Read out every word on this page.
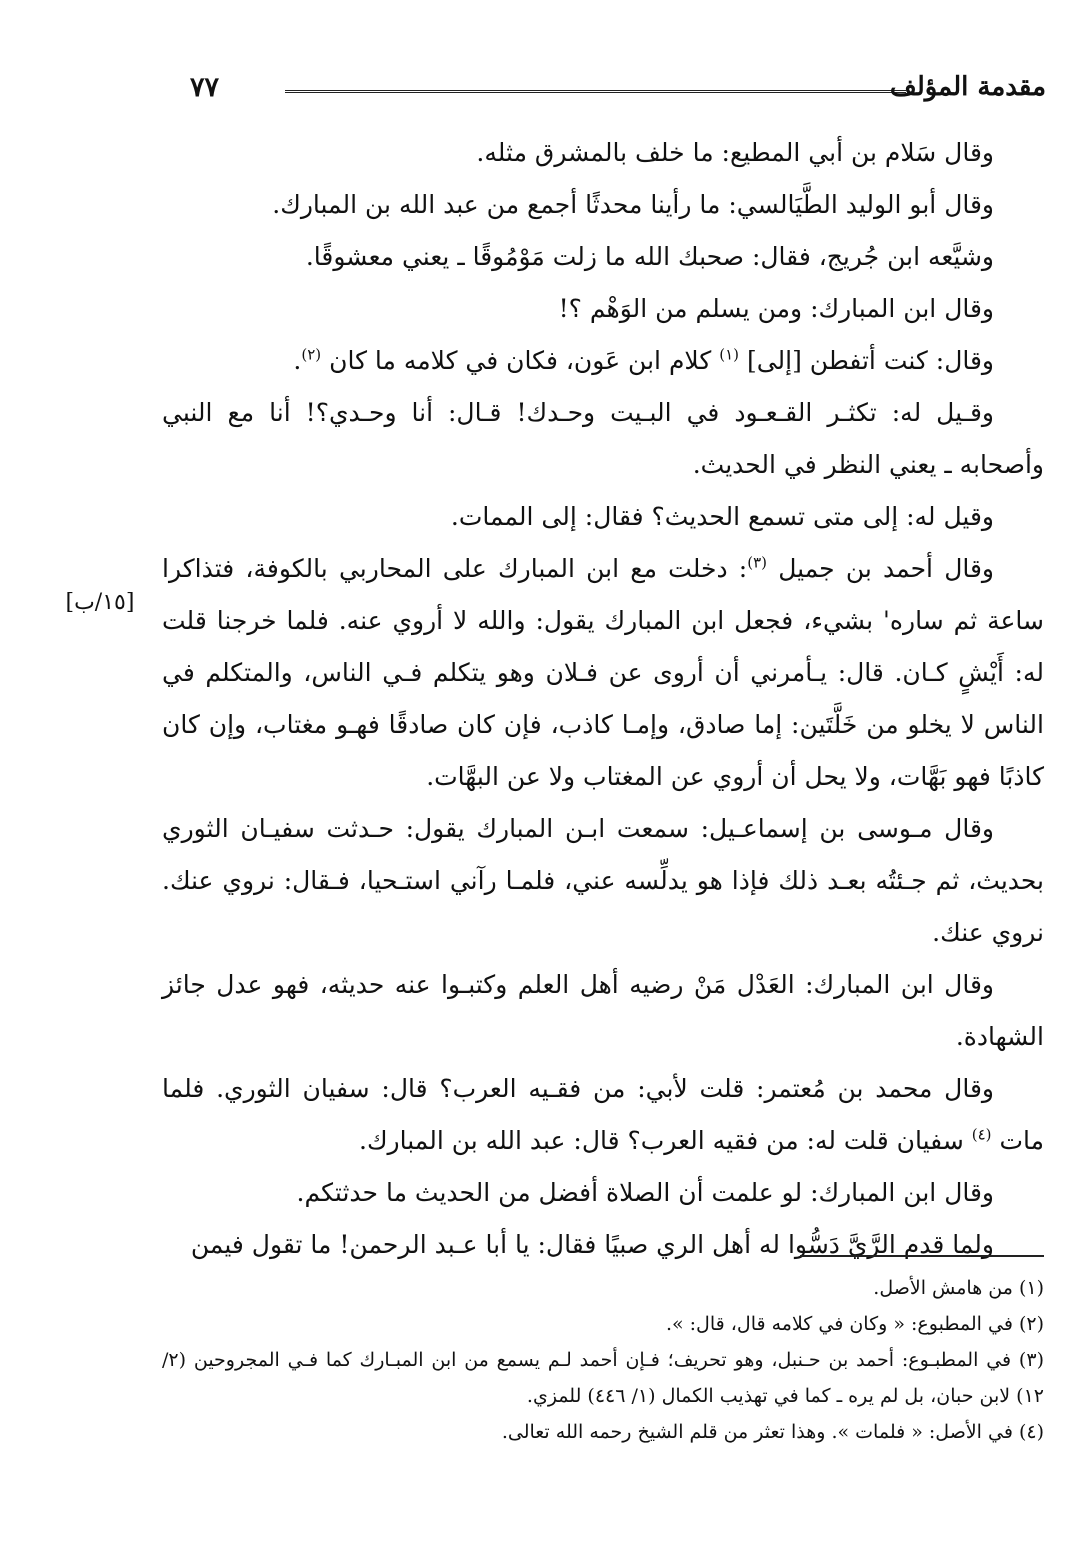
٧٧	مقدمة المؤلف
[١٥/ب]

وقال سَلام بن أبي المطيع: ما خلف بالمشرق مثله.

وقال أبو الوليد الطَّيَالسي: ما رأينا محدثًا أجمع من عبد الله بن المبارك.

وشيَّعه ابن جُريج، فقال: صحبك الله ما زلت مَوْمُوقًا ـ يعني معشوقًا.

وقال ابن المبارك: ومن يسلم من الوَهْم ؟!

وقال: كنت أتفطن [إلى] $^{(١)}$ كلام ابن عَون، فكان في كلامه ما كان $^{(٢)}$.

وقـيل له: تكثـر القـعـود في البـيت وحـدك! قـال: أنا وحـدي؟! أنا مع النبي وأصحابه ـ يعني النظر في الحديث.

وقيل له: إلى متى تسمع الحديث؟ فقال: إلى الممات.

وقال أحمد بن جميل $^{(٣)}$: دخلت مع ابن المبارك على المحاربي بالكوفة، فتذاكرا ساعة ثم ساره' بشيء، فجعل ابن المبارك يقول: والله لا أروي عنه. فلما خرجنا قلت له: أَيْشٍ كـان. قال: يـأمرني أن أروى عن فـلان وهو يتكلم فـي الناس، والمتكلم في الناس لا يخلو من خَلَّتَين: إما صادق، وإمـا كاذب، فإن كان صادقًا فهـو مغتاب، وإن كان كاذبًا فهو بَهَّات، ولا يحل أن أروي عن المغتاب ولا عن البهَّات.

وقال مـوسى بن إسماعـيل: سمعت ابـن المبارك يقول: حـدثت سفيـان الثوري بحديث، ثم جـئتُه بعـد ذلك فإذا هو يدلِّسه عني، فلمـا رآني استـحيا، فـقال: نروي عنك. نروي عنك.

وقال ابن المبارك: العَدْل مَنْ رضيه أهل العلم وكتبـوا عنه حديثه، فهو عدل جائز الشهادة.

وقال محمد بن مُعتمر: قلت لأبي: من فقـيه العرب؟ قال: سفيان الثوري. فلما مات $^{(٤)}$ سفيان قلت له: من فقيه العرب؟ قال: عبد الله بن المبارك.

وقال ابن المبارك: لو علمت أن الصلاة أفضل من الحديث ما حدثتكم.

ولما قدم الرَّيَّ دَسُّوا له أهل الري صبيًا فقال: يا أبا عـبد الرحمن! ما تقول فيمن

(١) من هامش الأصل.

(٢) في المطبوع: « وكان في كلامه قال، قال: ».

(٣) في المطبـوع: أحمد بن حـنبل، وهو تحريف؛ فـإن أحمد لـم يسمع من ابن المبـارك كما فـي المجروحين (٢/ ١٢) لابن حبان، بل لم يره ـ كما في تهذيب الكمال (١/ ٤٤٦) للمزي.

(٤) في الأصل: « فلمات ». وهذا تعثر من قلم الشيخ رحمه الله تعالى.
